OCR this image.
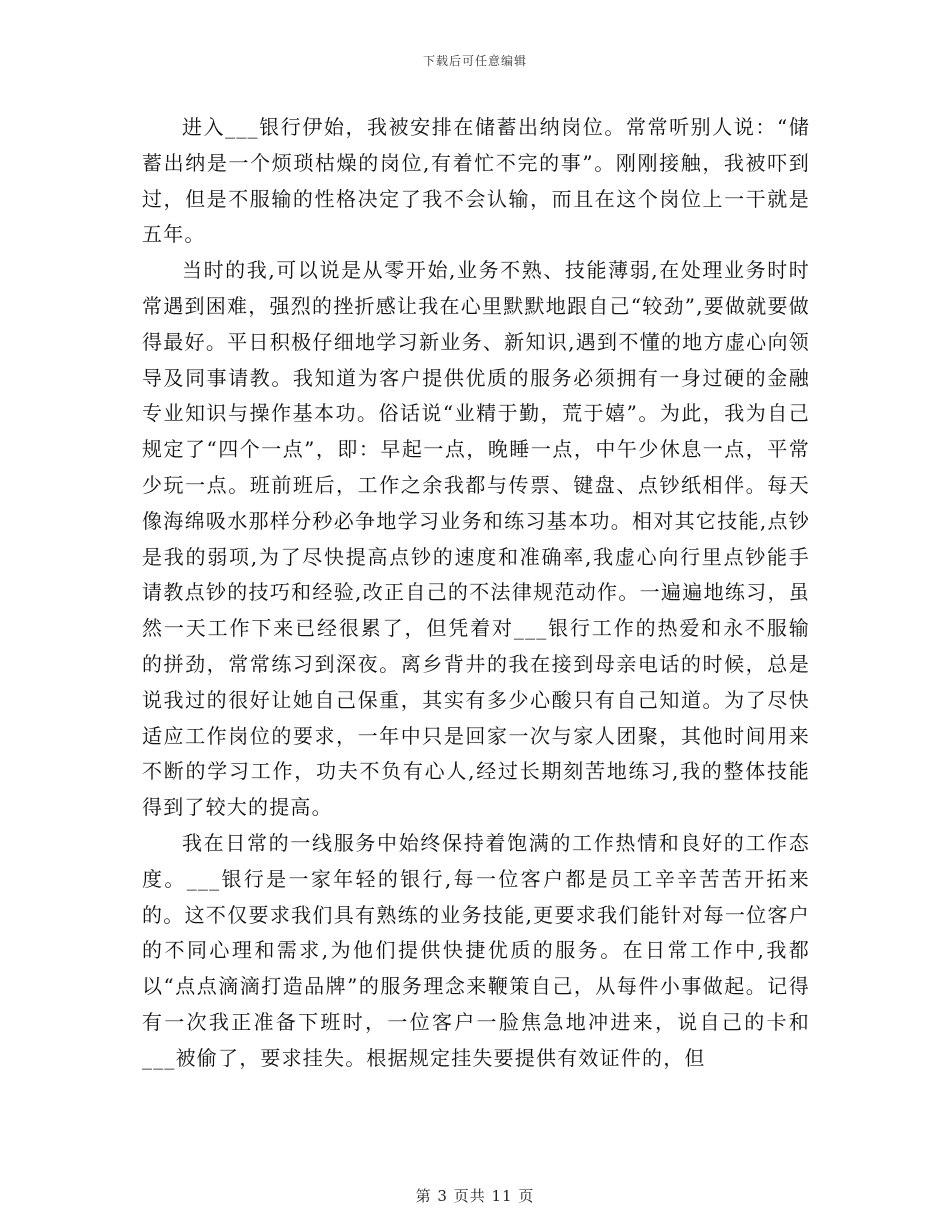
下载后可任意编辑

进入___银行伊始，我被安排在储蓄出纳岗位。常常听别人说：“储蓄出纳是一个烦琐枯燥的岗位,有着忙不完的事”。刚刚接触，我被吓到过，但是不服输的性格决定了我不会认输，而且在这个岗位上一干就是五年。

当时的我,可以说是从零开始,业务不熟、技能薄弱,在处理业务时时常遇到困难，强烈的挫折感让我在心里默默地跟自己“较劲”,要做就要做得最好。平日积极仔细地学习新业务、新知识,遇到不懂的地方虚心向领导及同事请教。我知道为客户提供优质的服务必须拥有一身过硬的金融专业知识与操作基本功。俗话说“业精于勤，荒于嬉”。为此，我为自己规定了“四个一点”，即：早起一点，晚睡一点，中午少休息一点，平常少玩一点。班前班后，工作之余我都与传票、键盘、点钞纸相伴。每天像海绵吸水那样分秒必争地学习业务和练习基本功。相对其它技能,点钞是我的弱项,为了尽快提高点钞的速度和准确率,我虚心向行里点钞能手请教点钞的技巧和经验,改正自己的不法律规范动作。一遍遍地练习，虽然一天工作下来已经很累了，但凭着对___银行工作的热爱和永不服输的拼劲，常常练习到深夜。离乡背井的我在接到母亲电话的时候，总是说我过的很好让她自己保重，其实有多少心酸只有自己知道。为了尽快适应工作岗位的要求，一年中只是回家一次与家人团聚，其他时间用来不断的学习工作，功夫不负有心人,经过长期刻苦地练习,我的整体技能得到了较大的提高。

我在日常的一线服务中始终保持着饱满的工作热情和良好的工作态度。___银行是一家年轻的银行,每一位客户都是员工辛辛苦苦开拓来的。这不仅要求我们具有熟练的业务技能,更要求我们能针对每一位客户的不同心理和需求,为他们提供快捷优质的服务。在日常工作中,我都以“点点滴滴打造品牌”的服务理念来鞭策自己，从每件小事做起。记得有一次我正准备下班时，一位客户一脸焦急地冲进来，说自己的卡和___被偷了，要求挂失。根据规定挂失要提供有效证件的，但

第 3 页共 11 页
